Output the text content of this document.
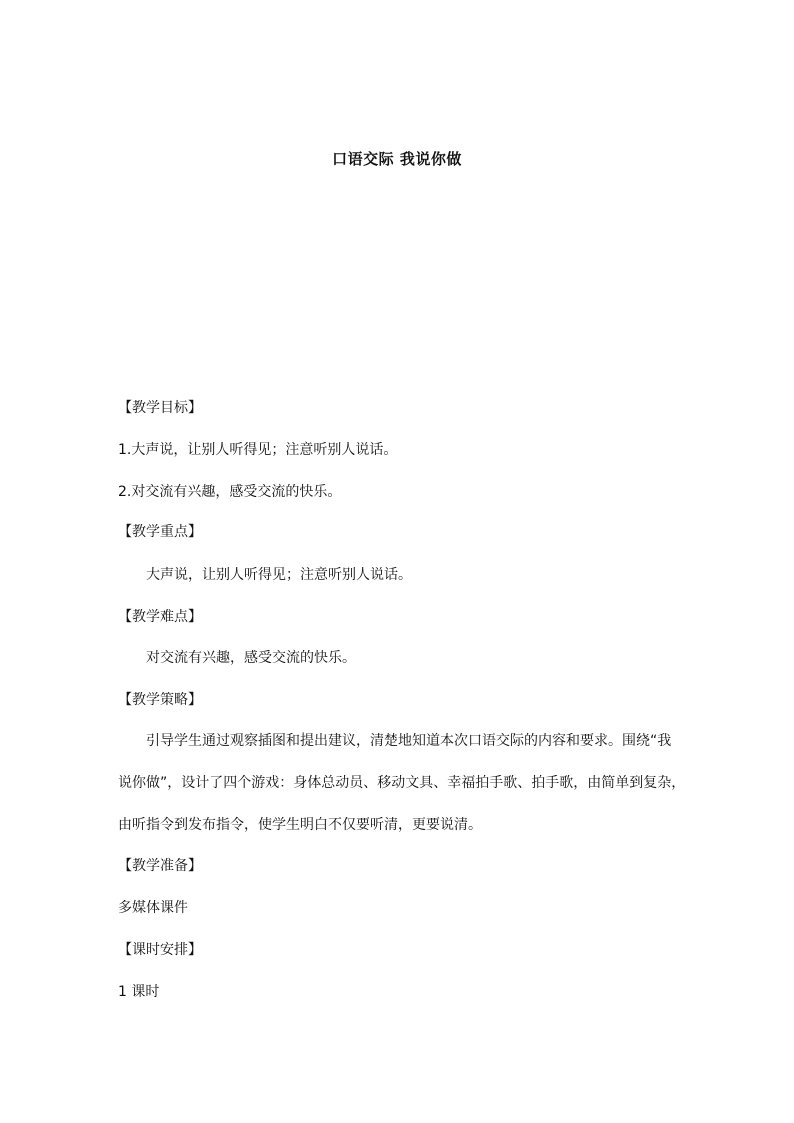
口语交际 我说你做
【教学目标】
1.大声说，让别人听得见；注意听别人说话。
2.对交流有兴趣，感受交流的快乐。
【教学重点】
大声说，让别人听得见；注意听别人说话。
【教学难点】
对交流有兴趣，感受交流的快乐。
【教学策略】
引导学生通过观察插图和提出建议，清楚地知道本次口语交际的内容和要求。围绕“我
说你做”，设计了四个游戏：身体总动员、移动文具、幸福拍手歌、拍手歌，由简单到复杂，
由听指令到发布指令，使学生明白不仅要听清，更要说清。
【教学准备】
多媒体课件
【课时安排】
1 课时
